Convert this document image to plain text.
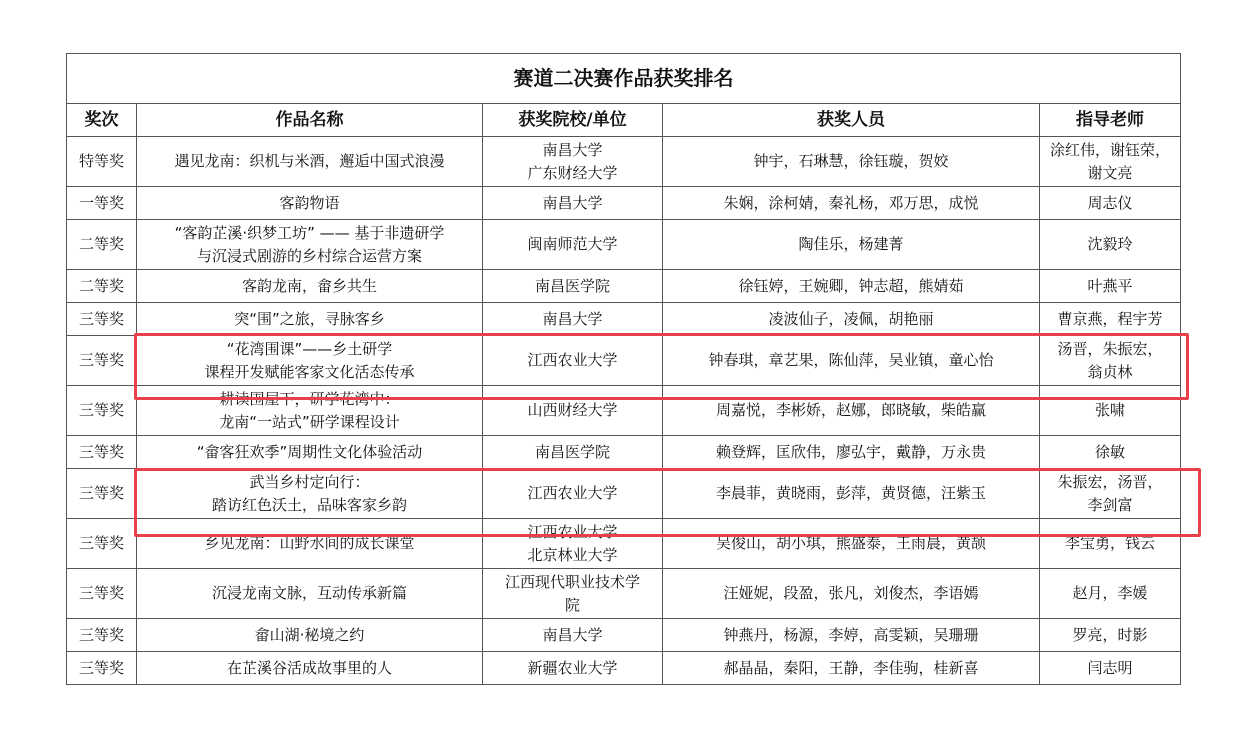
赛道二决赛作品获奖排名				
奖次	作品名称	获奖院校/单位	获奖人员	指导老师
特等奖	遇见龙南：织机与米酒，邂逅中国式浪漫	南昌大学
广东财经大学	钟宇，石琳慧，徐钰璇，贺姣	涂红伟，谢钰荣，
谢文亮

一等奖	客韵物语	南昌大学	朱娴，涂柯婧，秦礼杨，邓万思，成悦	周志仪

二等奖	“客韵芷溪·织梦工坊” —— 基于非遗研学
与沉浸式剧游的乡村综合运营方案	闽南师范大学	陶佳乐，杨建菁	沈毅玲

二等奖	客韵龙南，畲乡共生	南昌医学院	徐钰婷，王婉卿，钟志超，熊婧茹	叶燕平

三等奖	突“围”之旅，寻脉客乡	南昌大学	凌波仙子，凌佩，胡艳丽	曹京燕，程宇芳

三等奖	“花湾围课”——乡土研学
课程开发赋能客家文化活态传承	江西农业大学	钟春琪，章艺果，陈仙萍，吴业镇，童心怡	汤晋，朱振宏，
翁贞林

三等奖	耕读围屋下，研学花湾中：
龙南“一站式”研学课程设计	山西财经大学	周嘉悦，李彬娇，赵娜，郎晓敏，柴皓赢	张啸

三等奖	“畲客狂欢季”周期性文化体验活动	南昌医学院	赖登辉，匡欣伟，廖弘宇，戴静，万永贵	徐敏

三等奖	武当乡村定向行：
踏访红色沃土，品味客家乡韵	江西农业大学	李晨菲，黄晓雨，彭萍，黄贤德，汪紫玉	朱振宏，汤晋，
李剑富

三等奖	乡见龙南：山野水间的成长课堂	江西农业大学
北京林业大学	吴俊山，胡小琪，熊盛泰，王雨晨，黄颉	李宝勇，钱云

三等奖	沉浸龙南文脉，互动传承新篇	江西现代职业技术学
院	汪娅妮，段盈，张凡，刘俊杰，李语嫣	赵月，李媛

三等奖	畲山湖·秘境之约	南昌大学	钟燕丹，杨源，李婷，高雯颖，吴珊珊	罗亮，时影

三等奖	在芷溪谷活成故事里的人	新疆农业大学	郝晶晶，秦阳，王静，李佳驹，桂新喜	闫志明
